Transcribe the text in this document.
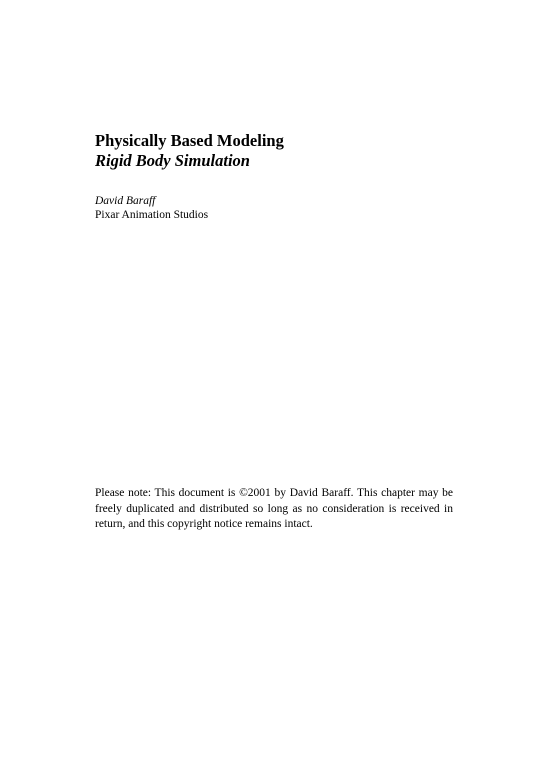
Physically Based Modeling

Rigid Body Simulation

David Baraff

Pixar Animation Studios

Please note: This document is ©2001 by David Baraff. This chapter may be freely duplicated and distributed so long as no consideration is received in return, and this copyright notice remains intact.
